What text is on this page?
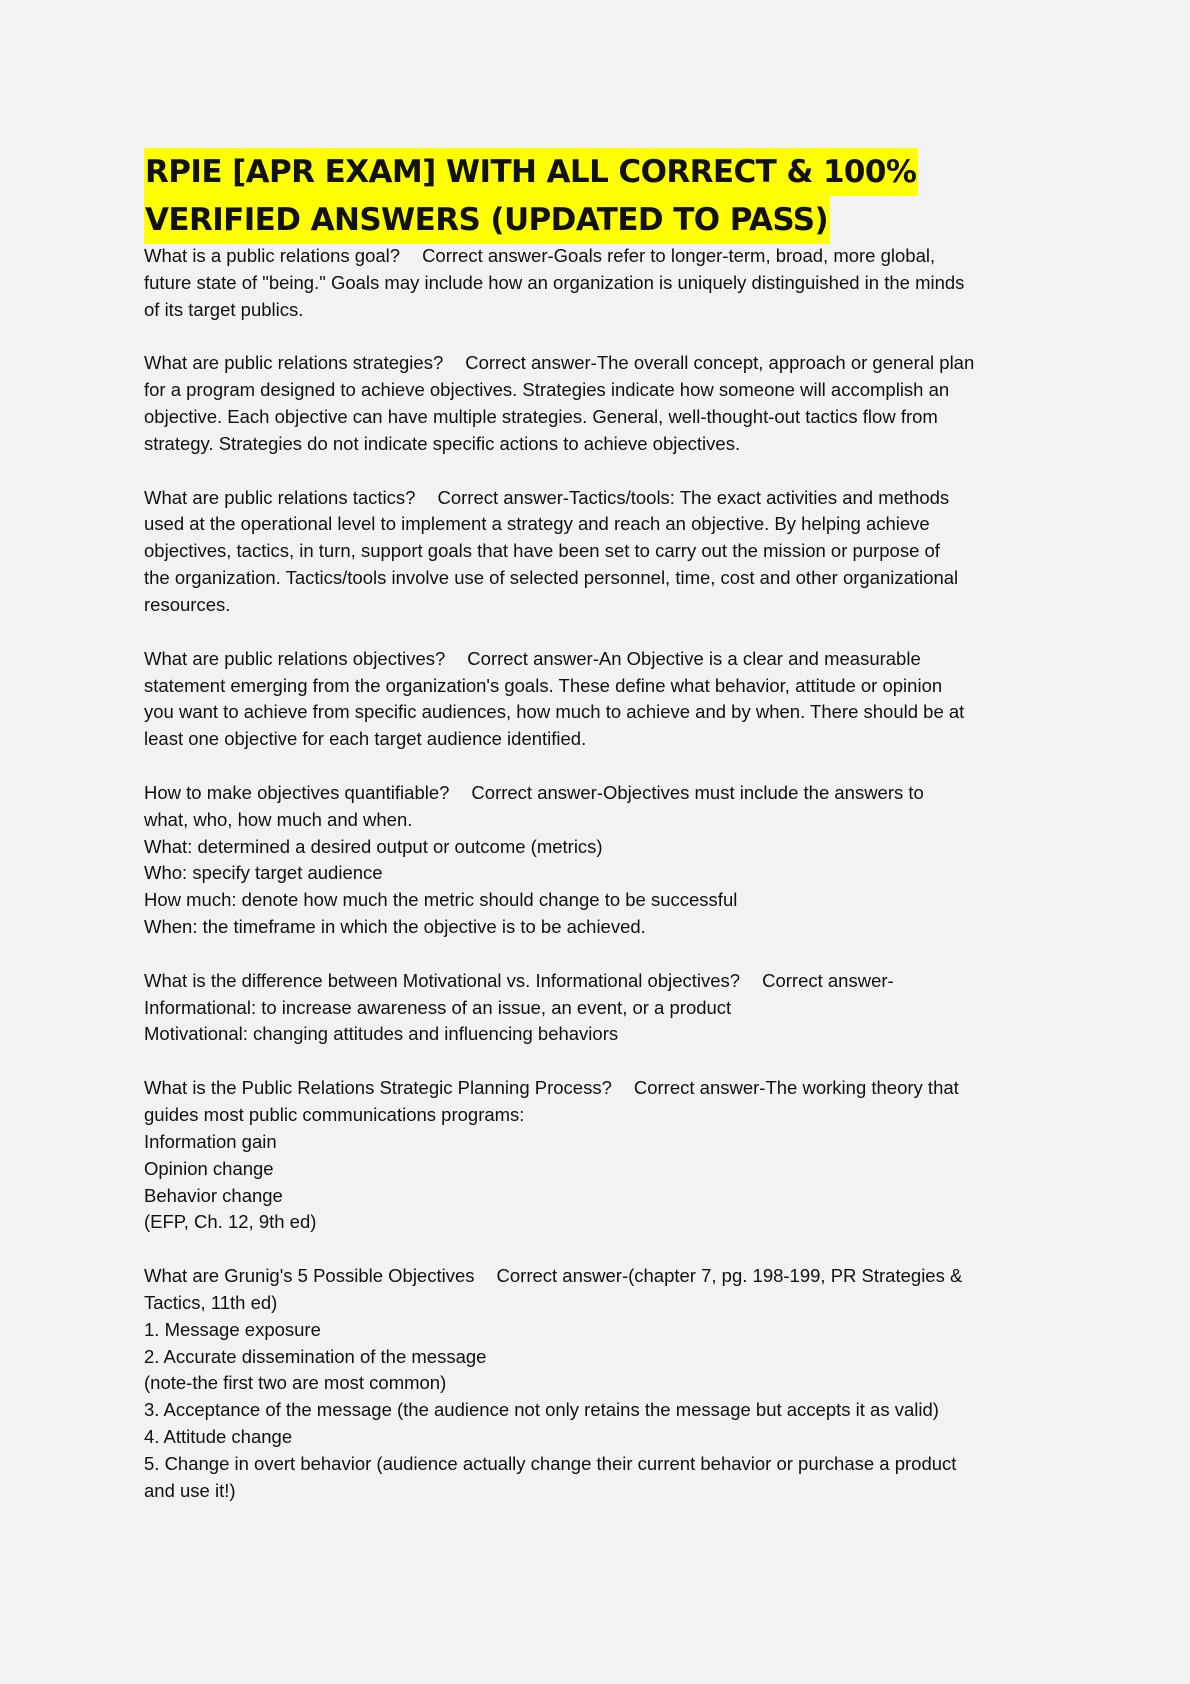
RPIE [APR EXAM] WITH ALL CORRECT & 100%
VERIFIED ANSWERS (UPDATED TO PASS)
What is a public relations goal? Correct answer-Goals refer to longer-term, broad, more global,
future state of "being." Goals may include how an organization is uniquely distinguished in the minds
of its target publics.
What are public relations strategies? Correct answer-The overall concept, approach or general plan
for a program designed to achieve objectives. Strategies indicate how someone will accomplish an
objective. Each objective can have multiple strategies. General, well-thought-out tactics flow from
strategy. Strategies do not indicate specific actions to achieve objectives.
What are public relations tactics? Correct answer-Tactics/tools: The exact activities and methods
used at the operational level to implement a strategy and reach an objective. By helping achieve
objectives, tactics, in turn, support goals that have been set to carry out the mission or purpose of
the organization. Tactics/tools involve use of selected personnel, time, cost and other organizational
resources.
What are public relations objectives? Correct answer-An Objective is a clear and measurable
statement emerging from the organization's goals. These define what behavior, attitude or opinion
you want to achieve from specific audiences, how much to achieve and by when. There should be at
least one objective for each target audience identified.
How to make objectives quantifiable? Correct answer-Objectives must include the answers to
what, who, how much and when.
What: determined a desired output or outcome (metrics)
Who: specify target audience
How much: denote how much the metric should change to be successful
When: the timeframe in which the objective is to be achieved.
What is the difference between Motivational vs. Informational objectives? Correct answer-
Informational: to increase awareness of an issue, an event, or a product
Motivational: changing attitudes and influencing behaviors
What is the Public Relations Strategic Planning Process? Correct answer-The working theory that
guides most public communications programs:
Information gain
Opinion change
Behavior change
(EFP, Ch. 12, 9th ed)
What are Grunig's 5 Possible Objectives Correct answer-(chapter 7, pg. 198-199, PR Strategies &
Tactics, 11th ed)
1. Message exposure
2. Accurate dissemination of the message
(note-the first two are most common)
3. Acceptance of the message (the audience not only retains the message but accepts it as valid)
4. Attitude change
5. Change in overt behavior (audience actually change their current behavior or purchase a product
and use it!)
